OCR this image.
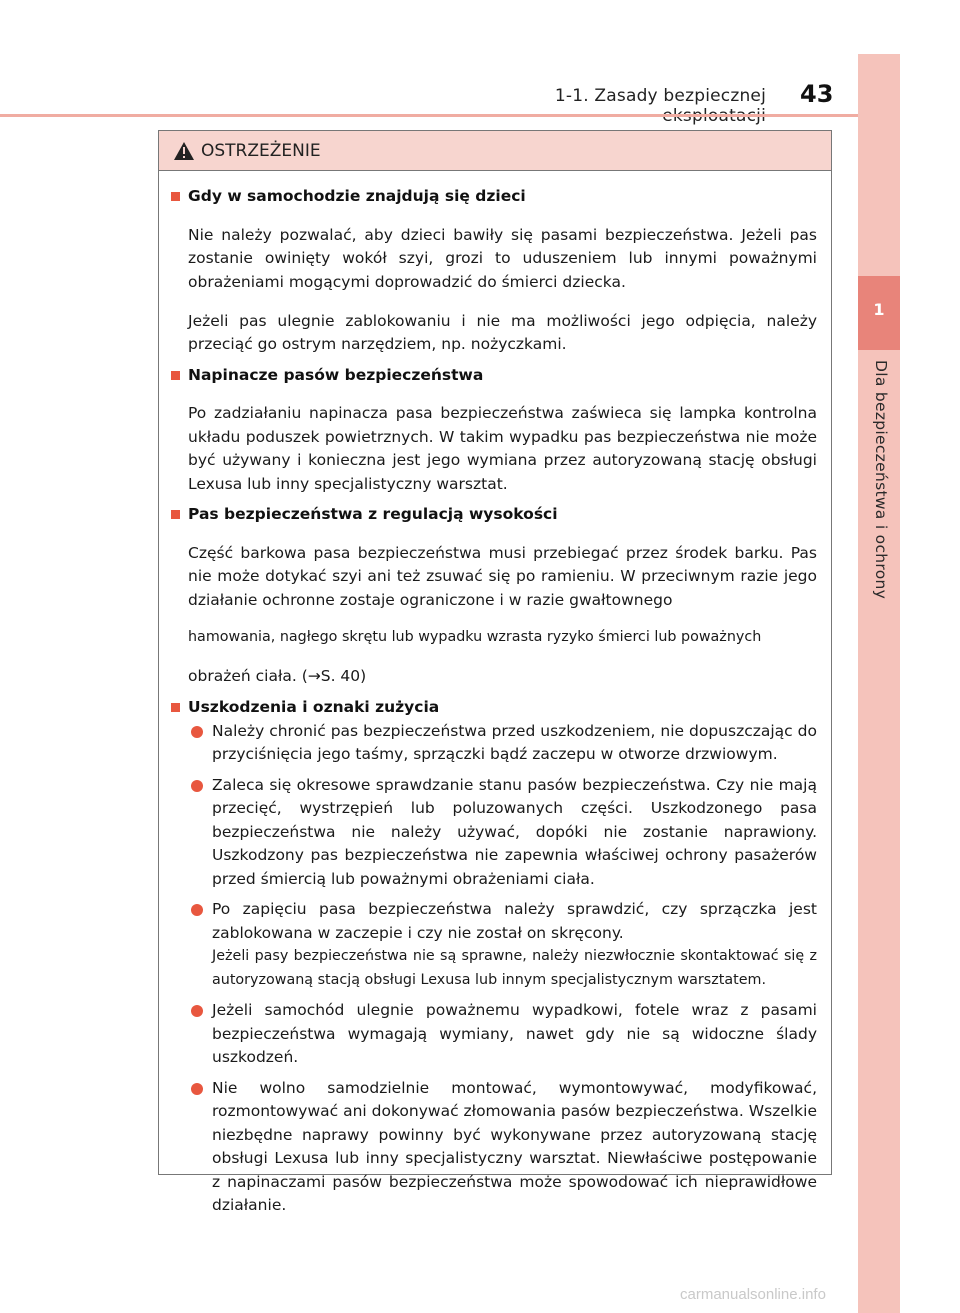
1-1. Zasady bezpiecznej 43
1
Dla bezpieczeństwa i ochrony
OSTRZEŻENIE
Gdy w samochodzie znajdują się dzieci

Nie należy pozwalać, aby dzieci bawiły się pasami bezpieczeństwa. Jeżeli pas zostanie owinięty wokół szyi, grozi to uduszeniem lub innymi poważnymi obrażeniami mogącymi doprowadzić do śmierci dziecka.

Jeżeli pas ulegnie zablokowaniu i nie ma możliwości jego odpięcia, należy przeciąć go ostrym narzędziem, np. nożyczkami.

Napinacze pasów bezpieczeństwa

Po zadziałaniu napinacza pasa bezpieczeństwa zaświeca się lampka kontrolna układu poduszek powietrznych. W takim wypadku pas bezpieczeństwa nie może być używany i konieczna jest jego wymiana przez autoryzowaną stację obsługi Lexusa lub inny specjalistyczny warsztat.

Pas bezpieczeństwa z regulacją wysokości

Część barkowa pasa bezpieczeństwa musi przebiegać przez środek barku. Pas nie może dotykać szyi ani też zsuwać się po ramieniu. W przeciwnym razie jego działanie ochronne zostaje ograniczone i w razie gwałtownego

hamowania, nagłego skrętu lub wypadku wzrasta ryzyko śmierci lub poważnych

obrażeń ciała. (→S. 40)

Uszkodzenia i oznaki zużycia

Należy chronić pas bezpieczeństwa przed uszkodzeniem, nie dopuszczając do przyciśnięcia jego taśmy, sprzączki bądź zaczepu w otworze drzwiowym.

Zaleca się okresowe sprawdzanie stanu pasów bezpieczeństwa. Czy nie mają przecięć, wystrzępień lub poluzowanych części. Uszkodzonego pasa bezpieczeństwa nie należy używać, dopóki nie zostanie naprawiony. Uszkodzony pas bezpieczeństwa nie zapewnia właściwej ochrony pasażerów przed śmiercią lub poważnymi obrażeniami ciała.

Po zapięciu pasa bezpieczeństwa należy sprawdzić, czy sprzączka jest zablokowana w zaczepie i czy nie został on skręcony.

Jeżeli pasy bezpieczeństwa nie są sprawne, należy niezwłocznie skontaktować się z autoryzowaną stacją obsługi Lexusa lub innym specjalistycznym warsztatem.

Jeżeli samochód ulegnie poważnemu wypadkowi, fotele wraz z pasami bezpieczeństwa wymagają wymiany, nawet gdy nie są widoczne ślady uszkodzeń.

Nie wolno samodzielnie montować, wymontowywać, modyfikować, rozmontowywać ani dokonywać złomowania pasów bezpieczeństwa. Wszelkie niezbędne naprawy powinny być wykonywane przez autoryzowaną stację obsługi Lexusa lub inny specjalistyczny warsztat. Niewłaściwe postępowanie z napinaczami pasów bezpieczeństwa może spowodować ich nieprawidłowe działanie.

carmanualsonline.info
